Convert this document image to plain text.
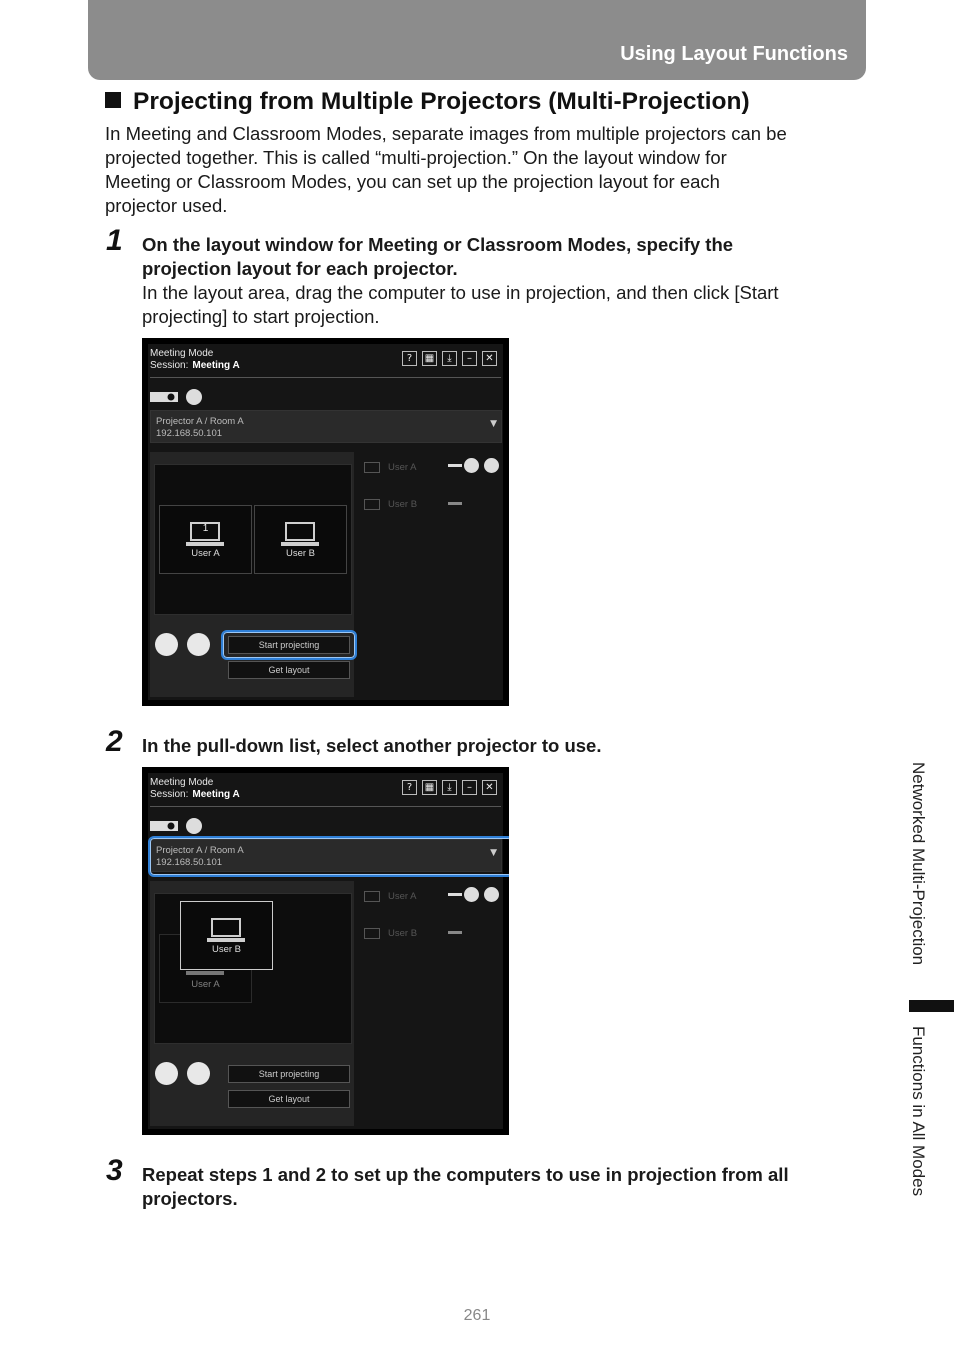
Using Layout Functions
Projecting from Multiple Projectors (Multi-Projection)
In Meeting and Classroom Modes, separate images from multiple projectors can be
projected together. This is called “multi-projection.” On the layout window for
Meeting or Classroom Modes, you can set up the projection layout for each
projector used.
1 On the layout window for Meeting or Classroom Modes, specify the
projection layout for each projector.
In the layout area, drag the computer to use in projection, and then click [Start
projecting] to start projection.
Meeting Mode
Session: Meeting A
?	▦	⤓	–	✕
Projector A / Room A
192.168.50.101
▼
1
User A	User B
Start projecting
Get layout
User A
User B
2 In the pull-down list, select another projector to use.
Meeting Mode
Session: Meeting A
?	▦	⤓	–	✕
Projector A / Room A
192.168.50.101
▼
User A
User B
Start projecting
Get layout
User A
User B
3 Repeat steps 1 and 2 to set up the computers to use in projection from all
projectors.
Networked Multi-Projection
Functions in All Modes
261
